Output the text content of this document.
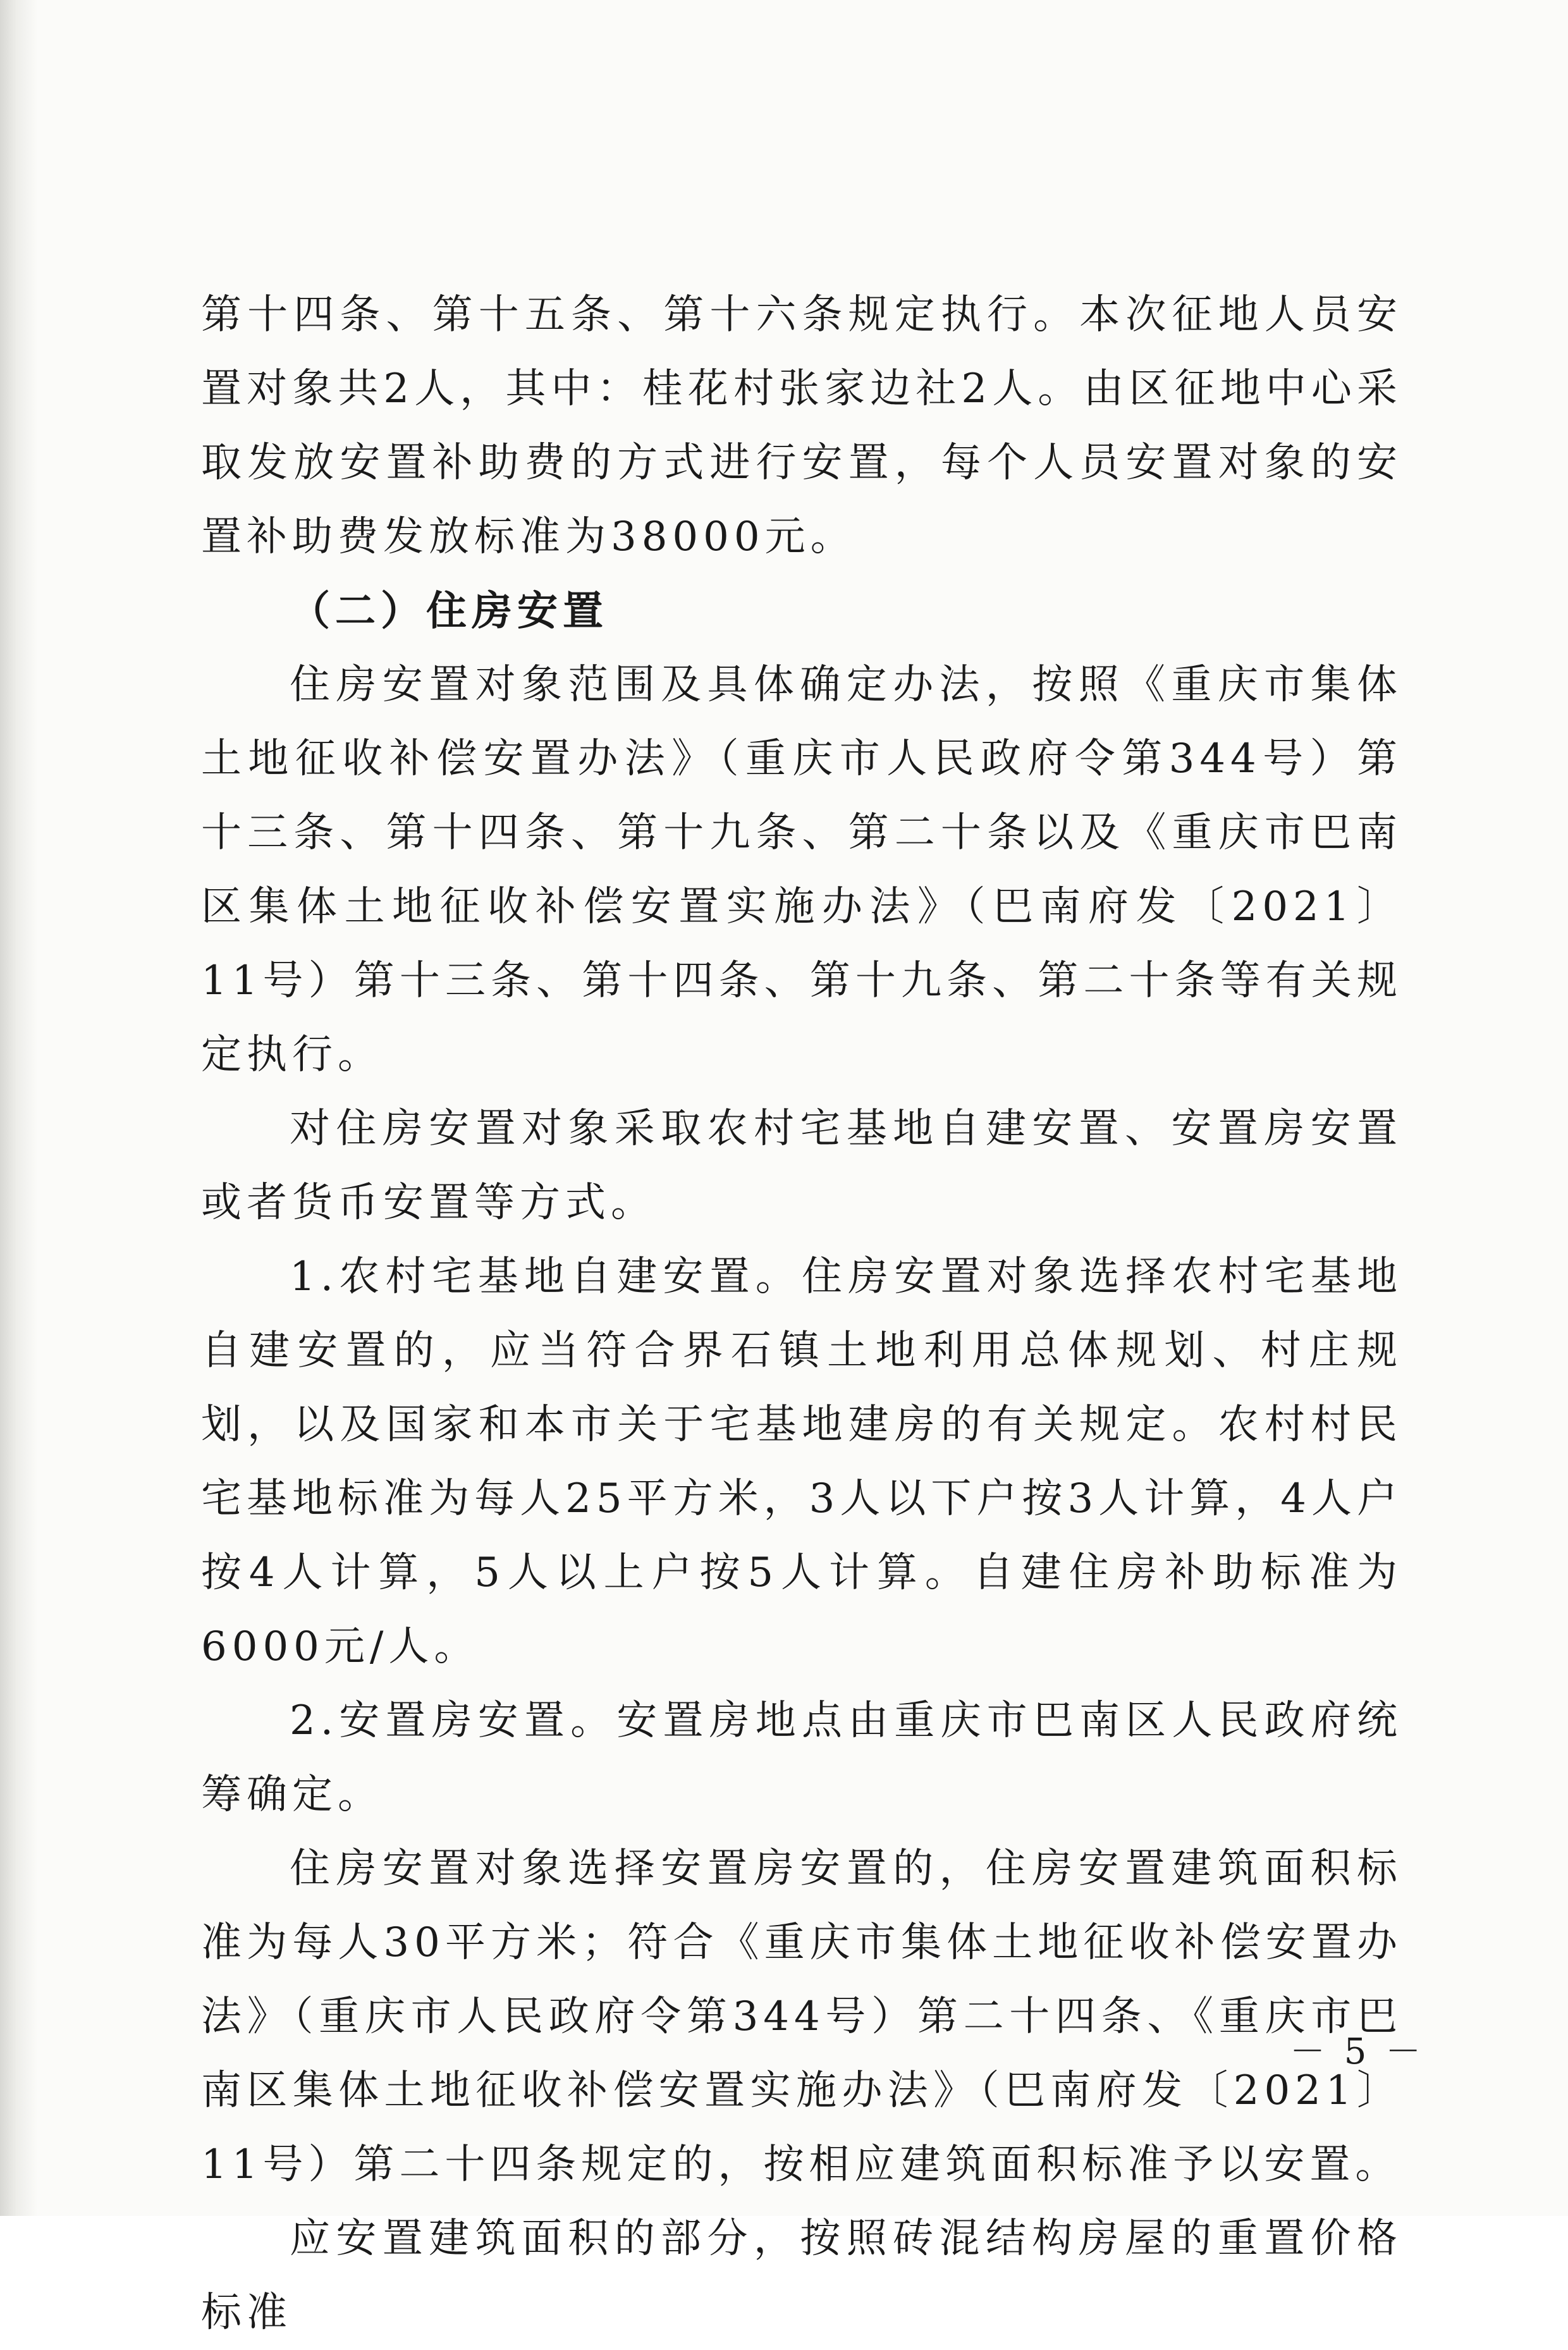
第十四条、第十五条、第十六条规定执行。本次征地人员安置对象共2人，其中：桂花村张家边社2人。由区征地中心采取发放安置补助费的方式进行安置，每个人员安置对象的安置补助费发放标准为38000元。

（二）住房安置

住房安置对象范围及具体确定办法，按照《重庆市集体土地征收补偿安置办法》（重庆市人民政府令第344号）第十三条、第十四条、第十九条、第二十条以及《重庆市巴南区集体土地征收补偿安置实施办法》（巴南府发〔2021〕11号）第十三条、第十四条、第十九条、第二十条等有关规定执行。

对住房安置对象采取农村宅基地自建安置、安置房安置或者货币安置等方式。

1.农村宅基地自建安置。住房安置对象选择农村宅基地自建安置的，应当符合界石镇土地利用总体规划、村庄规划，以及国家和本市关于宅基地建房的有关规定。农村村民宅基地标准为每人25平方米，3人以下户按3人计算，4人户按4人计算，5人以上户按5人计算。自建住房补助标准为6000元/人。

2.安置房安置。安置房地点由重庆市巴南区人民政府统筹确定。

住房安置对象选择安置房安置的，住房安置建筑面积标准为每人30平方米；符合《重庆市集体土地征收补偿安置办法》（重庆市人民政府令第344号）第二十四条、《重庆市巴南区集体土地征收补偿安置实施办法》（巴南府发〔2021〕11号）第二十四条规定的，按相应建筑面积标准予以安置。

应安置建筑面积的部分，按照砖混结构房屋的重置价格标准

－ 5 －
